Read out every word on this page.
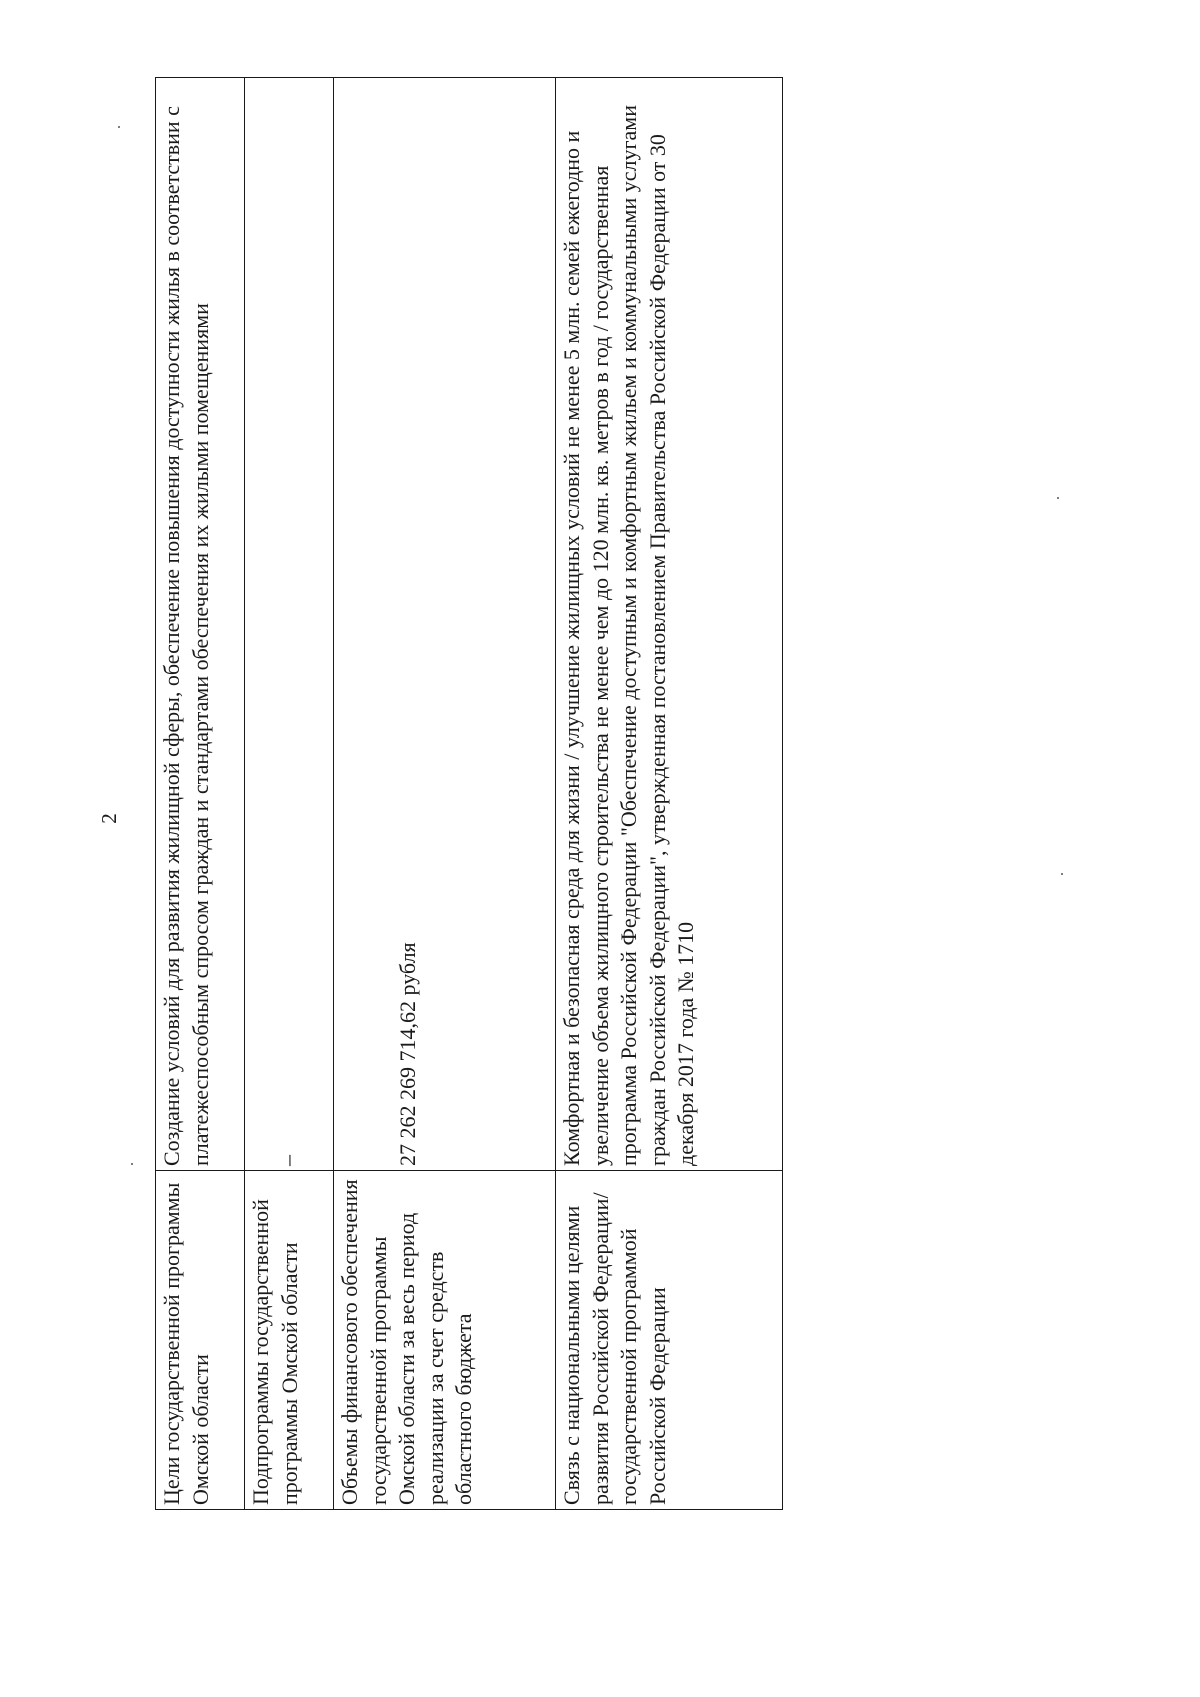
2
Цели государственной программы Омской области	Создание условий для развития жилищной сферы, обеспечение повышения доступности жилья в соответствии с платежеспособным спросом граждан и стандартами обеспечения их жилыми помещениями

Подпрограммы государственной программы Омской области	–

Объемы финансового обеспечения государственной программы Омской области за весь период реализации за счет средств областного бюджета	27 262 269 714,62 рубля

Связь с национальными целями развития Российской Федерации/ государственной программой Российской Федерации	Комфортная и безопасная среда для жизни / улучшение жилищных условий не менее 5 млн. семей ежегодно и увеличение объема жилищного строительства не менее чем до 120 млн. кв. метров в год / государственная программа Российской Федерации "Обеспечение доступным и комфортным жильем и коммунальными услугами граждан Российской Федерации", утвержденная постановлением Правительства Российской Федерации от 30 декабря 2017 года № 1710
